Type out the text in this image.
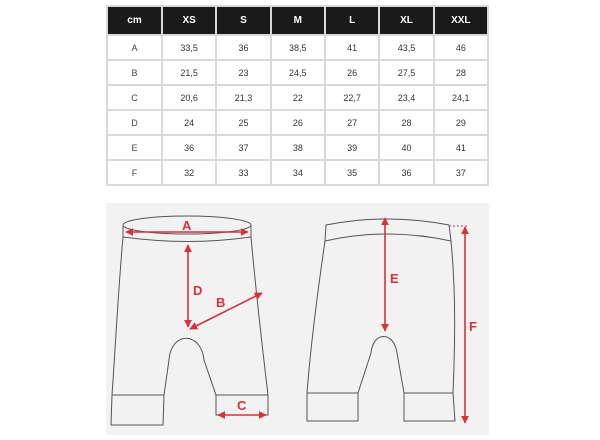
cm	XS	S	M	L	XL	XXL
A	33,5	36	38,5	41	43,5	46
B	21,5	23	24,5	26	27,5	28
C	20,6	21,3	22	22,7	23,4	24,1
D	24	25	26	27	28	29
E	36	37	38	39	40	41
F	32	33	34	35	36	37
A
D
B
C
E
F
